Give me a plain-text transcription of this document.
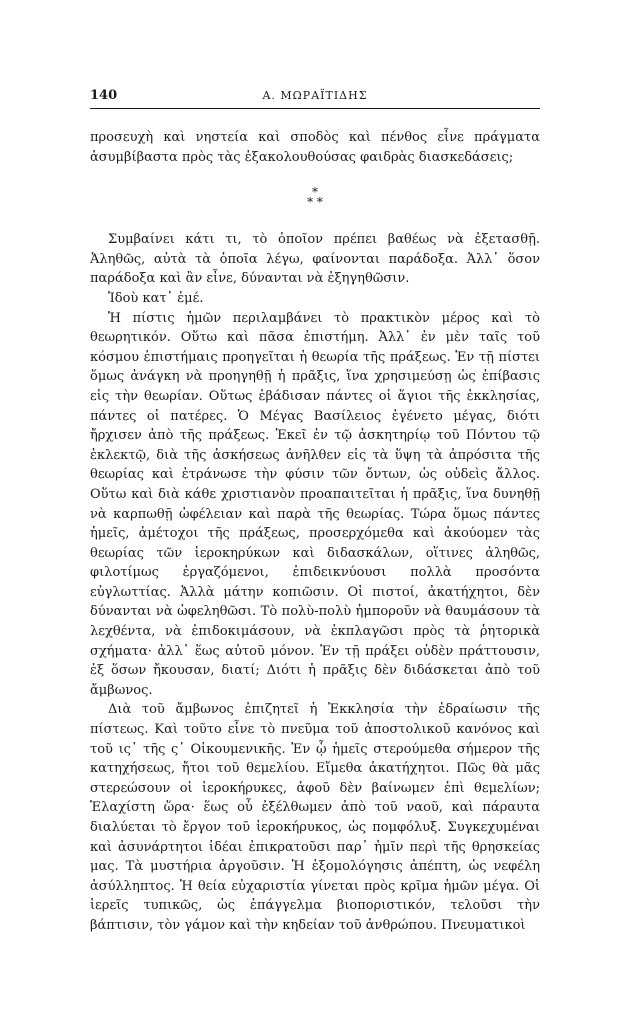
140	Α. ΜΩΡΑΪΤΙΔΗΣ

προσευχὴ καὶ νηστεία καὶ σποδὸς καὶ πένθος εἶνε πράγματα ἀσυμβίβαστα πρὸς τὰς ἐξακολουθούσας φαιδρὰς διασκεδάσεις;

*
* *

Συμβαίνει κάτι τι, τὸ ὁποῖον πρέπει βαθέως νὰ ἐξετασθῇ. Ἀληθῶς, αὐτὰ τὰ ὁποῖα λέγω, φαίνονται παράδοξα. Ἀλλ᾽ ὅσον παράδοξα καὶ ἂν εἶνε, δύνανται νὰ ἐξηγηθῶσιν.

Ἰδοὺ κατ᾽ ἐμέ.

Ἡ πίστις ἡμῶν περιλαμβάνει τὸ πρακτικὸν μέρος καὶ τὸ θεωρητικόν. Οὕτω καὶ πᾶσα ἐπιστήμη. Ἀλλ᾽ ἐν μὲν ταῖς τοῦ κόσμου ἐπιστήμαις προηγεῖται ἡ θεωρία τῆς πράξεως. Ἐν τῇ πίστει ὅμως ἀνάγκη νὰ προηγηθῇ ἡ πρᾶξις, ἵνα χρησιμεύσῃ ὡς ἐπίβασις εἰς τὴν θεωρίαν. Οὕτως ἐβάδισαν πάντες οἱ ἅγιοι τῆς ἐκκλησίας, πάντες οἱ πατέρες. Ὁ Μέγας Βασίλειος ἐγένετο μέγας, διότι ἤρχισεν ἀπὸ τῆς πράξεως. Ἐκεῖ ἐν τῷ ἀσκητηρίῳ τοῦ Πόντου τῷ ἐκλεκτῷ, διὰ τῆς ἀσκήσεως ἀνῆλθεν εἰς τὰ ὕψη τὰ ἀπρόσιτα τῆς θεωρίας καὶ ἐτράνωσε τὴν φύσιν τῶν ὄντων, ὡς οὐδεὶς ἄλλος. Οὕτω καὶ διὰ κάθε χριστιανὸν προαπαιτεῖται ἡ πρᾶξις, ἵνα δυνηθῇ νὰ καρπωθῇ ὠφέλειαν καὶ παρὰ τῆς θεωρίας. Τώρα ὅμως πάντες ἡμεῖς, ἀμέτοχοι τῆς πράξεως, προσερχόμεθα καὶ ἀκούομεν τὰς θεωρίας τῶν ἱεροκηρύκων καὶ διδασκάλων, οἵτινες ἀληθῶς, φιλοτίμως ἐργαζόμενοι, ἐπιδεικνύουσι πολλὰ προσόντα εὐγλωττίας. Ἀλλὰ μάτην κοπιῶσιν. Οἱ πιστοί, ἀκατήχητοι, δὲν δύνανται νὰ ὠφεληθῶσι. Τὸ πολὺ-πολὺ ἠμποροῦν νὰ θαυμάσουν τὰ λεχθέντα, νὰ ἐπιδοκιμάσουν, νὰ ἐκπλαγῶσι πρὸς τὰ ῥητορικὰ σχήματα· ἀλλ᾽ ἕως αὐτοῦ μόνον. Ἐν τῇ πράξει οὐδὲν πράττουσιν, ἐξ ὅσων ἤκουσαν, διατί; Διότι ἡ πρᾶξις δὲν διδάσκεται ἀπὸ τοῦ ἄμβωνος.

Διὰ τοῦ ἄμβωνος ἐπιζητεῖ ἡ Ἐκκλησία τὴν ἑδραίωσιν τῆς πίστεως. Καὶ τοῦτο εἶνε τὸ πνεῦμα τοῦ ἀποστολικοῦ κανόνος καὶ τοῦ ις᾽ τῆς ς᾽ Οἰκουμενικῆς. Ἐν ᾧ ἡμεῖς στερούμεθα σήμερον τῆς κατηχήσεως, ἤτοι τοῦ θεμελίου. Εἴμεθα ἀκατήχητοι. Πῶς θὰ μᾶς στερεώσουν οἱ ἱεροκήρυκες, ἀφοῦ δὲν βαίνωμεν ἐπὶ θεμελίων; Ἐλαχίστη ὥρα· ἕως οὗ ἐξέλθωμεν ἀπὸ τοῦ ναοῦ, καὶ πάραυτα διαλύεται τὸ ἔργον τοῦ ἱεροκήρυκος, ὡς πομφόλυξ. Συγκεχυμέναι καὶ ἀσυνάρτητοι ἰδέαι ἐπικρατοῦσι παρ᾽ ἡμῖν περὶ τῆς θρησκείας μας. Τὰ μυστήρια ἀργοῦσιν. Ἡ ἐξομολόγησις ἀπέπτη, ὡς νεφέλη ἀσύλληπτος. Ἡ θεία εὐχαριστία γίνεται πρὸς κρῖμα ἡμῶν μέγα. Οἱ ἱερεῖς τυπικῶς, ὡς ἐπάγγελμα βιοποριστικόν, τελοῦσι τὴν βάπτισιν, τὸν γάμον καὶ τὴν κηδείαν τοῦ ἀνθρώπου. Πνευματικοὶ
